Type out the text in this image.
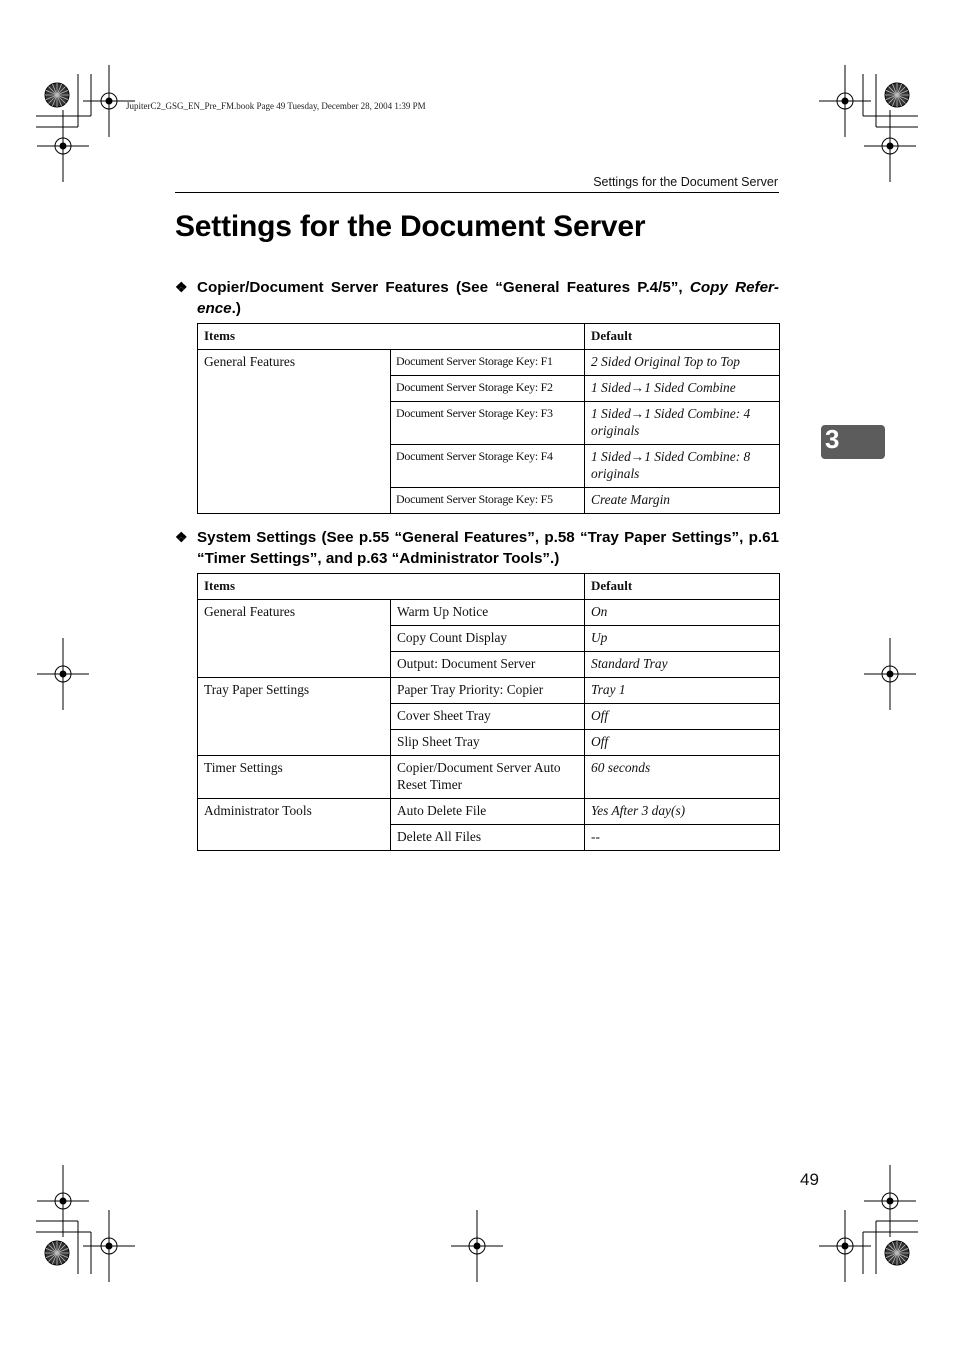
JupiterC2_GSG_EN_Pre_FM.book Page 49 Tuesday, December 28, 2004 1:39 PM
Settings for the Document Server
Settings for the Document Server
❖ Copier/Document Server Features (See “General Features P.4/5”, Copy Refer-ence.)
Items		Default
General Features	Document Server Storage Key: F1	2 Sided Original Top to Top
	Document Server Storage Key: F2	1 Sided→1 Sided Combine
	Document Server Storage Key: F3	1 Sided→1 Sided Combine: 4 originals
	Document Server Storage Key: F4	1 Sided→1 Sided Combine: 8 originals
	Document Server Storage Key: F5	Create Margin
❖ System Settings (See p.55 “General Features”, p.58 “Tray Paper Settings”, p.61 “Timer Settings”, and p.63 “Administrator Tools”.)
Items		Default
General Features	Warm Up Notice	On
	Copy Count Display	Up
	Output: Document Server	Standard Tray
Tray Paper Settings	Paper Tray Priority: Copier	Tray 1
	Cover Sheet Tray	Off
	Slip Sheet Tray	Off
Timer Settings	Copier/Document Server Auto Reset Timer	60 seconds
Administrator Tools	Auto Delete File	Yes After 3 day(s)
	Delete All Files	--
3
49
